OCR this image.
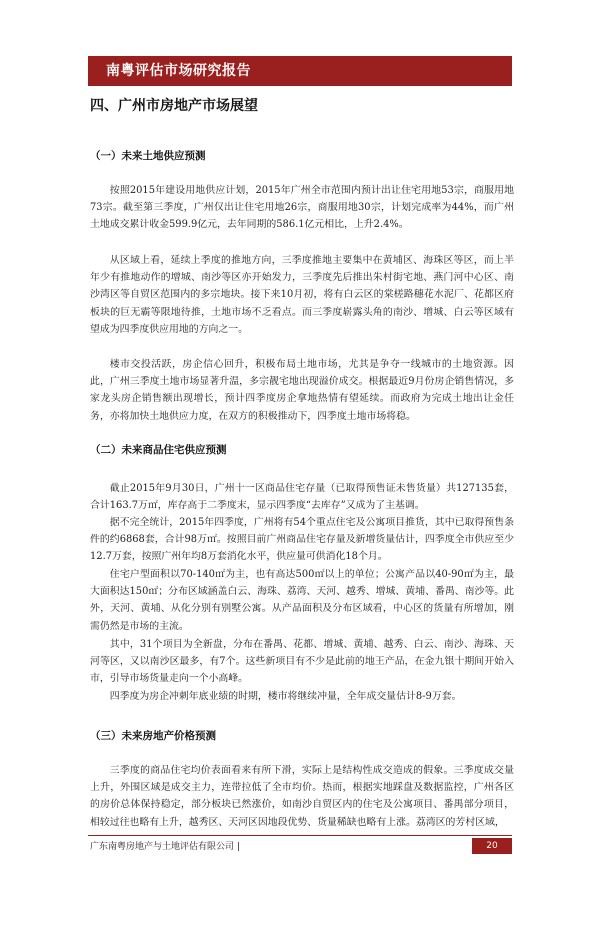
南粤评估市场研究报告
四、广州市房地产市场展望
（一）未来土地供应预测

按照2015年建设用地供应计划，2015年广州全市范围内预计出让住宅用地53宗，商服用地73宗。截至第三季度，广州仅出让住宅用地26宗，商服用地30宗，计划完成率为44%，而广州土地成交累计收金599.9亿元，去年同期的586.1亿元相比，上升2.4%。

从区域上看，延续上季度的推地方向，三季度推地主要集中在黄埔区、海珠区等区，而上半年少有推地动作的增城、南沙等区亦开始发力，三季度先后推出朱村街宅地、燕门河中心区、南沙湾区等自贸区范围内的多宗地块。接下来10月初，将有白云区的棠槎路穗花水泥厂、花都区府板块的巨无霸等限地待推，土地市场不乏看点。而三季度崭露头角的南沙、增城、白云等区域有望成为四季度供应用地的方向之一。

楼市交投活跃，房企信心回升，积极布局土地市场，尤其是争夺一线城市的土地资源。因此，广州三季度土地市场显著升温，多宗靓宅地出现溢价成交。根据最近9月份房企销售情况，多家龙头房企销售额出现增长，预计四季度房企拿地热情有望延续。而政府为完成土地出让金任务，亦将加快土地供应力度，在双方的积极推动下，四季度土地市场将稳。

（二）未来商品住宅供应预测

截止2015年9月30日，广州十一区商品住宅存量（已取得预售证未售货量）共127135套，合计163.7万㎡，库存高于二季度末，显示四季度“去库存”又成为了主基调。

据不完全统计，2015年四季度，广州将有54个重点住宅及公寓项目推货，其中已取得预售条件的约6868套，合计98万㎡。按照目前广州商品住宅存量及新增货量估计，四季度全市供应至少12.7万套，按照广州年均8万套消化水平，供应量可供消化18个月。

住宅户型面积以70-140㎡为主，也有高达500㎡以上的单位；公寓产品以40-90㎡为主，最大面积达150㎡；分布区域涵盖白云、海珠、荔湾、天河、越秀、增城、黄埔、番禺、南沙等。此外，天河、黄埔、从化分别有别墅公寓。从产品面积及分布区域看，中心区的货量有所增加，刚需仍然是市场的主流。

其中，31个项目为全新盘，分布在番禺、花都、增城、黄埔、越秀、白云、南沙、海珠、天河等区，又以南沙区最多，有7个。这些新项目有不少是此前的地王产品，在金九银十期间开始入市，引导市场货量走向一个小高峰。

四季度为房企冲刺年底业绩的时期，楼市将继续冲量，全年成交量估计8-9万套。

（三）未来房地产价格预测

三季度的商品住宅均价表面看来有所下滑，实际上是结构性成交造成的假象。三季度成交量上升，外围区域是成交主力，连带拉低了全市均价。热而，根据实地踩盘及数据监控，广州各区的房价总体保持稳定，部分板块已然涨价，如南沙自贸区内的住宅及公寓项目、番禺部分项目，相较过往也略有上升，越秀区、天河区因地段优势、货量稀缺也略有上涨。荔湾区的芳村区域，

广东南粤房地产与土地评估有限公司 |	20
